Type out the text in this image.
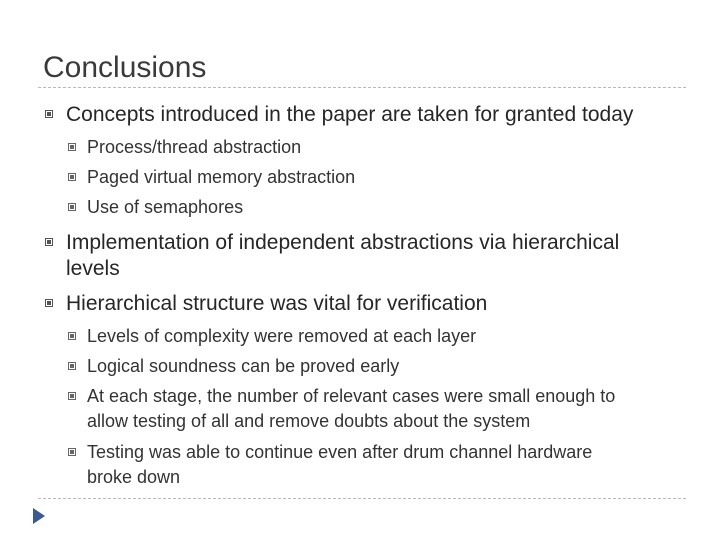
Conclusions
Concepts introduced in the paper are taken for granted today
Process/thread abstraction
Paged virtual memory abstraction
Use of semaphores
Implementation of independent abstractions via hierarchical
levels
Hierarchical structure was vital for verification
Levels of complexity were removed at each layer
Logical soundness can be proved early
At each stage, the number of relevant cases were small enough to
allow testing of all and remove doubts about the system
Testing was able to continue even after drum channel hardware
broke down
